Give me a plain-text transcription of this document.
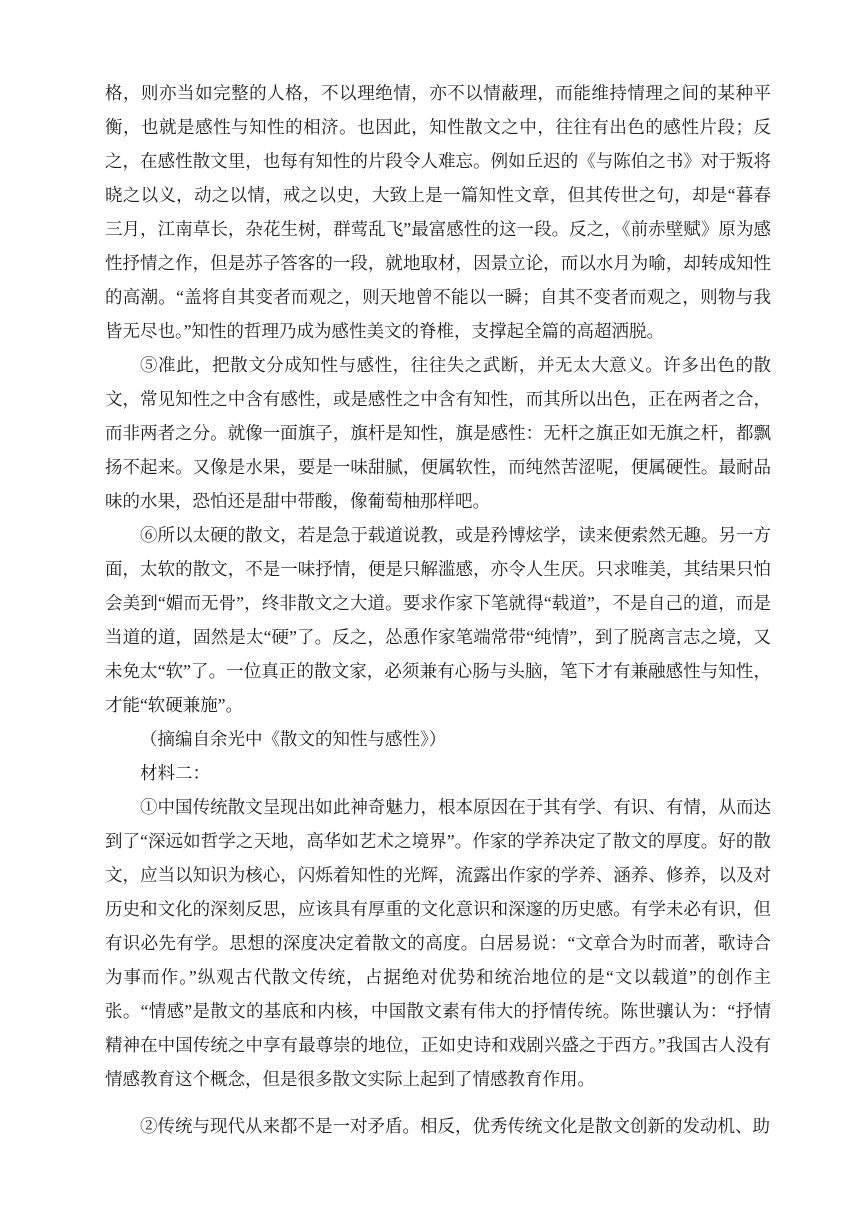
格，则亦当如完整的人格，不以理绝情，亦不以情蔽理，而能维持情理之间的某种平衡，也就是感性与知性的相济。也因此，知性散文之中，往往有出色的感性片段；反之，在感性散文里，也每有知性的片段令人难忘。例如丘迟的《与陈伯之书》对于叛将晓之以义，动之以情，戒之以史，大致上是一篇知性文章，但其传世之句，却是“暮春三月，江南草长，杂花生树，群莺乱飞”最富感性的这一段。反之，《前赤壁赋》原为感性抒情之作，但是苏子答客的一段，就地取材，因景立论，而以水月为喻，却转成知性的高潮。“盖将自其变者而观之，则天地曾不能以一瞬；自其不变者而观之，则物与我皆无尽也。”知性的哲理乃成为感性美文的脊椎，支撑起全篇的高超洒脱。

⑤准此，把散文分成知性与感性，往往失之武断，并无太大意义。许多出色的散文，常见知性之中含有感性，或是感性之中含有知性，而其所以出色，正在两者之合，而非两者之分。就像一面旗子，旗杆是知性，旗是感性：无杆之旗正如无旗之杆，都飘扬不起来。又像是水果，要是一味甜腻，便属软性，而纯然苦涩呢，便属硬性。最耐品味的水果，恐怕还是甜中带酸，像葡萄柚那样吧。

⑥所以太硬的散文，若是急于载道说教，或是矜博炫学，读来便索然无趣。另一方面，太软的散文，不是一味抒情，便是只解滥感，亦令人生厌。只求唯美，其结果只怕会美到“媚而无骨”，终非散文之大道。要求作家下笔就得“载道”，不是自己的道，而是当道的道，固然是太“硬”了。反之，怂恿作家笔端常带“纯情”，到了脱离言志之境，又未免太“软”了。一位真正的散文家，必须兼有心肠与头脑，笔下才有兼融感性与知性，才能“软硬兼施”。

（摘编自余光中《散文的知性与感性》）

材料二：

①中国传统散文呈现出如此神奇魅力，根本原因在于其有学、有识、有情，从而达到了“深远如哲学之天地，高华如艺术之境界”。作家的学养决定了散文的厚度。好的散文，应当以知识为核心，闪烁着知性的光辉，流露出作家的学养、涵养、修养，以及对历史和文化的深刻反思，应该具有厚重的文化意识和深邃的历史感。有学未必有识，但有识必先有学。思想的深度决定着散文的高度。白居易说：“文章合为时而著，歌诗合为事而作。”纵观古代散文传统，占据绝对优势和统治地位的是“文以载道”的创作主张。“情感”是散文的基底和内核，中国散文素有伟大的抒情传统。陈世骧认为：“抒情精神在中国传统之中享有最尊崇的地位，正如史诗和戏剧兴盛之于西方。”我国古人没有情感教育这个概念，但是很多散文实际上起到了情感教育作用。

②传统与现代从来都不是一对矛盾。相反，优秀传统文化是散文创新的发动机、助
